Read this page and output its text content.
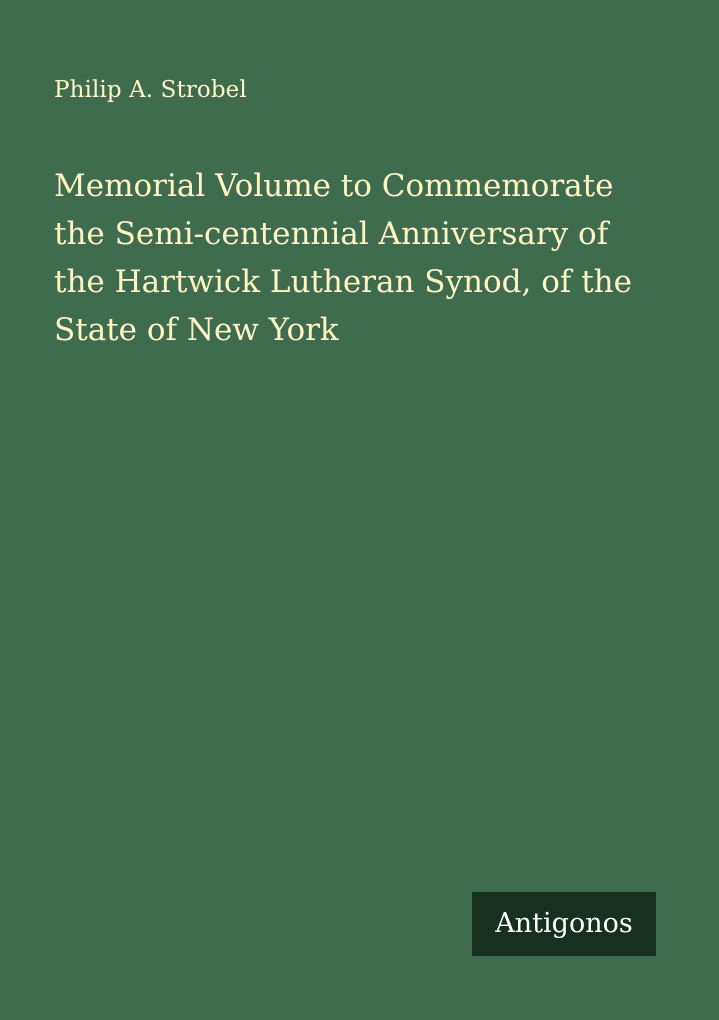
Philip A. Strobel
Memorial Volume to Commemorate
the Semi-centennial Anniversary of
the Hartwick Lutheran Synod, of the
State of New York
Antigonos
